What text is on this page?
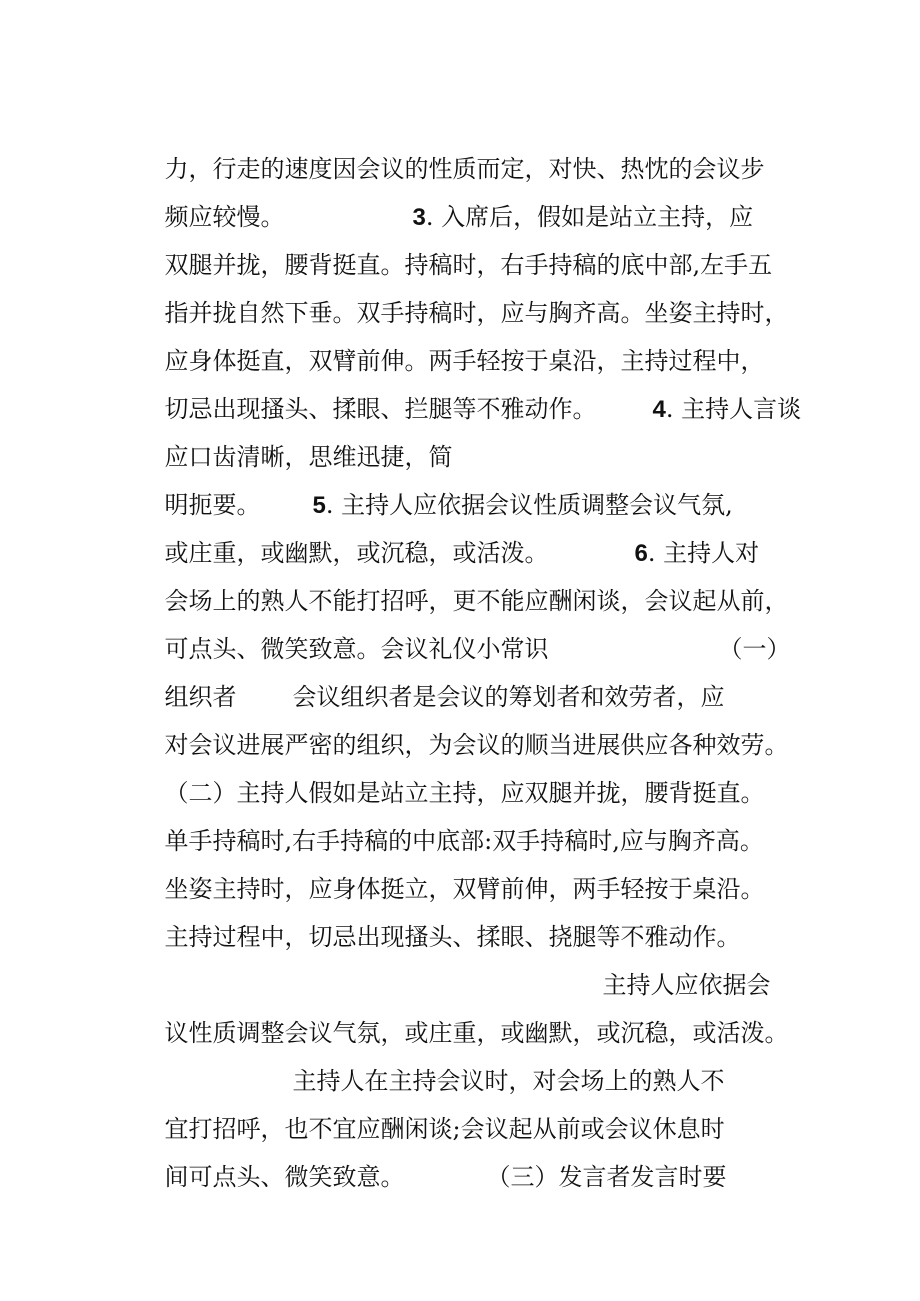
力，行走的速度因会议的性质而定，对快、热忱的会议步

频应较慢。	3. 入席后，假如是站立主持，应

双腿并拢，腰背挺直。持稿时，右手持稿的底中部,左手五

指并拢自然下垂。双手持稿时，应与胸齐高。坐姿主持时，

应身体挺直，双臂前伸。两手轻按于桌沿，主持过程中，

切忌出现搔头、揉眼、拦腿等不雅动作。 4. 主持人言谈

应口齿清晰，思维迅捷，简

明扼要。 5. 主持人应依据会议性质调整会议气氛,

或庄重，或幽默，或沉稳，或活泼。	6. 主持人对

会场上的熟人不能打招呼，更不能应酬闲谈，会议起从前，

可点头、微笑致意。会议礼仪小常识	（一）

组织者 会议组织者是会议的筹划者和效劳者，应

对会议进展严密的组织，为会议的顺当进展供应各种效劳。

（二）主持人假如是站立主持，应双腿并拢，腰背挺直。

单手持稿时,右手持稿的中底部:双手持稿时,应与胸齐高。

坐姿主持时，应身体挺立，双臂前伸，两手轻按于桌沿。

主持过程中，切忌出现搔头、揉眼、挠腿等不雅动作。

主持人应依据会

议性质调整会议气氛，或庄重，或幽默，或沉稳，或活泼。

主持人在主持会议时，对会场上的熟人不

宜打招呼，也不宜应酬闲谈;会议起从前或会议休息时

间可点头、微笑致意。	（三）发言者发言时要
